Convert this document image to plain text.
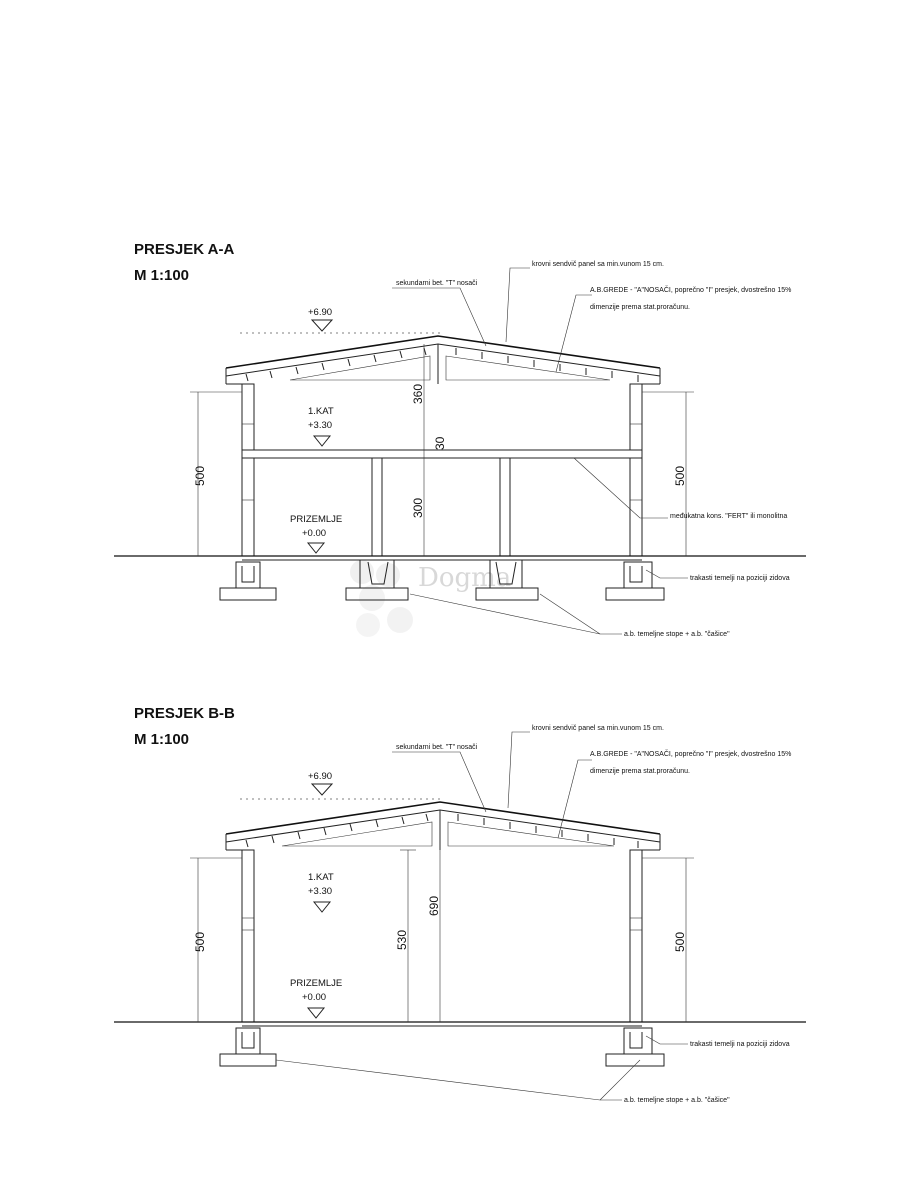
Dogma
PRESJEK A-A
M 1:100
+6.90
1.KAT
+3.30
PRIZEMLJE
+0.00
500	500
360
30
300
krovni sendvič panel sa min.vunom 15 cm.
sekundarni bet. "T" nosači
A.B.GREDE - "A"NOSAČI, poprečno "I" presjek, dvostrešno 15%
dimenzije prema stat.proračunu.
međukatna kons. "FERT" ili monolitna
trakasti temelji na poziciji zidova
a.b. temeljne stope + a.b. "čašice"
PRESJEK B-B
M 1:100
+6.90
1.KAT
+3.30
PRIZEMLJE
+0.00
500	500
530
690
krovni sendvič panel sa min.vunom 15 cm.
sekundarni bet. "T" nosači
A.B.GREDE - "A"NOSAČI, poprečno "I" presjek, dvostrešno 15%
dimenzije prema stat.proračunu.
trakasti temelji na poziciji zidova
a.b. temeljne stope + a.b. "čašice"
